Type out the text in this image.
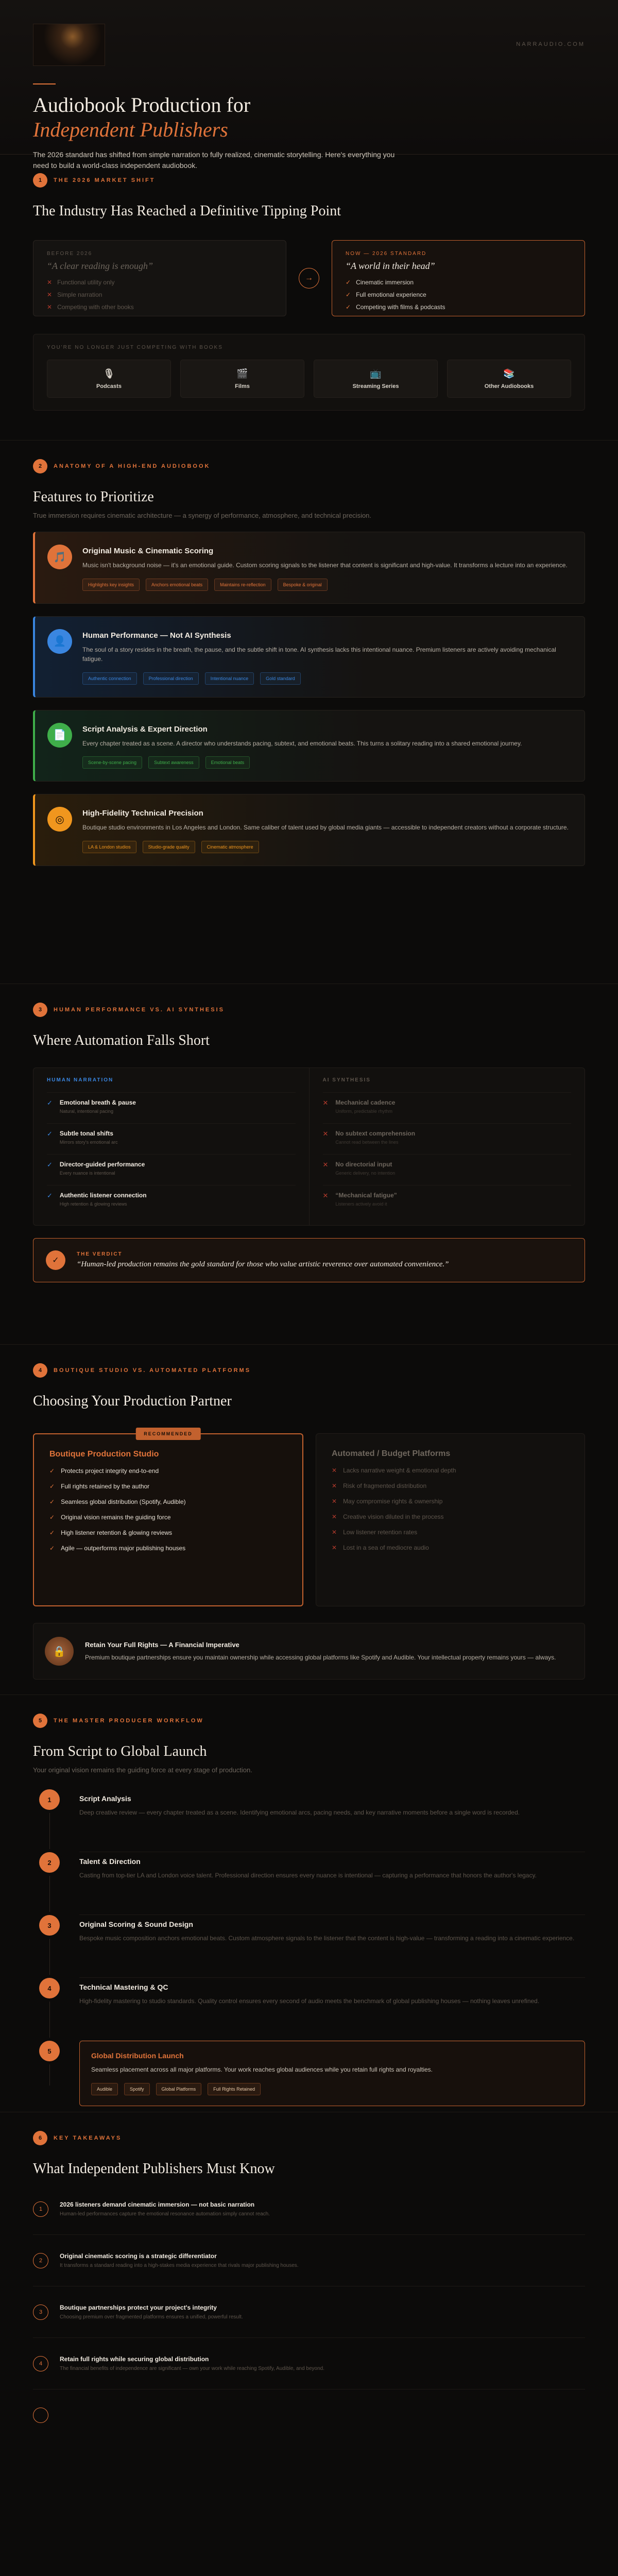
NARRAUDIO.COM
Audiobook Production for
Independent Publishers

The 2026 standard has shifted from simple narration to fully realized, cinematic storytelling. Here's everything you need to build a world-class independent audiobook.

1	THE 2026 MARKET SHIFT
The Industry Has Reached a Definitive Tipping Point
BEFORE 2026
“A clear reading is enough”
✕ Functional utility only
✕ Simple narration
✕ Competing with other books
→
NOW — 2026 STANDARD
“A world in their head”
✓ Cinematic immersion
✓ Full emotional experience
✓ Competing with films & podcasts
YOU'RE NO LONGER JUST COMPETING WITH BOOKS
🎙
Podcasts
🎬
Films
📺
Streaming Series
📚
Other Audiobooks
2	ANATOMY OF A HIGH-END AUDIOBOOK
Features to Prioritize
True immersion requires cinematic architecture — a synergy of performance, atmosphere, and technical precision.
🎵
Original Music & Cinematic Scoring

Music isn't background noise — it's an emotional guide. Custom scoring signals to the listener that content is significant and high-value. It transforms a lecture into an experience.

Highlights key insights	Anchors emotional beats	Maintains re-reflection	Bespoke & original
👤
Human Performance — Not AI Synthesis

The soul of a story resides in the breath, the pause, and the subtle shift in tone. AI synthesis lacks this intentional nuance. Premium listeners are actively avoiding mechanical fatigue.

Authentic connection	Professional direction	Intentional nuance	Gold standard
📄
Script Analysis & Expert Direction

Every chapter treated as a scene. A director who understands pacing, subtext, and emotional beats. This turns a solitary reading into a shared emotional journey.

Scene-by-scene pacing	Subtext awareness	Emotional beats
◎
High-Fidelity Technical Precision

Boutique studio environments in Los Angeles and London. Same caliber of talent used by global media giants — accessible to independent creators without a corporate structure.

LA & London studios	Studio-grade quality	Cinematic atmosphere
3	HUMAN PERFORMANCE VS. AI SYNTHESIS
Where Automation Falls Short
HUMAN NARRATION
✓ Emotional breath & pause
Natural, intentional pacing
✓ Subtle tonal shifts
Mirrors story's emotional arc
✓ Director-guided performance
Every nuance is intentional
✓ Authentic listener connection
High retention & glowing reviews
AI SYNTHESIS
✕ Mechanical cadence
Uniform, predictable rhythm
✕ No subtext comprehension
Cannot read between the lines
✕ No directorial input
Generic delivery, no intention
✕ “Mechanical fatigue”
Listeners actively avoid it
✓
THE VERDICT
“Human-led production remains the gold standard for those who value artistic reverence over automated convenience.”
4	BOUTIQUE STUDIO VS. AUTOMATED PLATFORMS
Choosing Your Production Partner
RECOMMENDED
Boutique Production Studio
✓ Protects project integrity end-to-end
✓ Full rights retained by the author
✓ Seamless global distribution (Spotify, Audible)
✓ Original vision remains the guiding force
✓ High listener retention & glowing reviews
✓ Agile — outperforms major publishing houses
Automated / Budget Platforms
✕ Lacks narrative weight & emotional depth
✕ Risk of fragmented distribution
✕ May compromise rights & ownership
✕ Creative vision diluted in the process
✕ Low listener retention rates
✕ Lost in a sea of mediocre audio
🔒
Retain Your Full Rights — A Financial Imperative

Premium boutique partnerships ensure you maintain ownership while accessing global platforms like Spotify and Audible. Your intellectual property remains yours — always.

5	THE MASTER PRODUCER WORKFLOW
From Script to Global Launch
Your original vision remains the guiding force at every stage of production.
1	Script Analysis

Deep creative review — every chapter treated as a scene. Identifying emotional arcs, pacing needs, and key narrative moments before a single word is recorded.

2	Talent & Direction

Casting from top-tier LA and London voice talent. Professional direction ensures every nuance is intentional — capturing a performance that honors the author's legacy.

3	Original Scoring & Sound Design

Bespoke music composition anchors emotional beats. Custom atmosphere signals to the listener that the content is high-value — transforming a reading into a cinematic experience.

4	Technical Mastering & QC

High-fidelity mastering to studio standards. Quality control ensures every second of audio meets the benchmark of global publishing houses — nothing leaves unrefined.

5
Global Distribution Launch

Seamless placement across all major platforms. Your work reaches global audiences while you retain full rights and royalties.

Audible	Spotify	Global Platforms	Full Rights Retained
6	KEY TAKEAWAYS
What Independent Publishers Must Know
1
2026 listeners demand cinematic immersion — not basic narration
Human-led performances capture the emotional resonance automation simply cannot reach.
2
Original cinematic scoring is a strategic differentiator
It transforms a standard reading into a high-stakes media experience that rivals major publishing houses.
3
Boutique partnerships protect your project's integrity
Choosing premium over fragmented platforms ensures a unified, powerful result.
4
Retain full rights while securing global distribution
The financial benefits of independence are significant — own your work while reaching Spotify, Audible, and beyond.
